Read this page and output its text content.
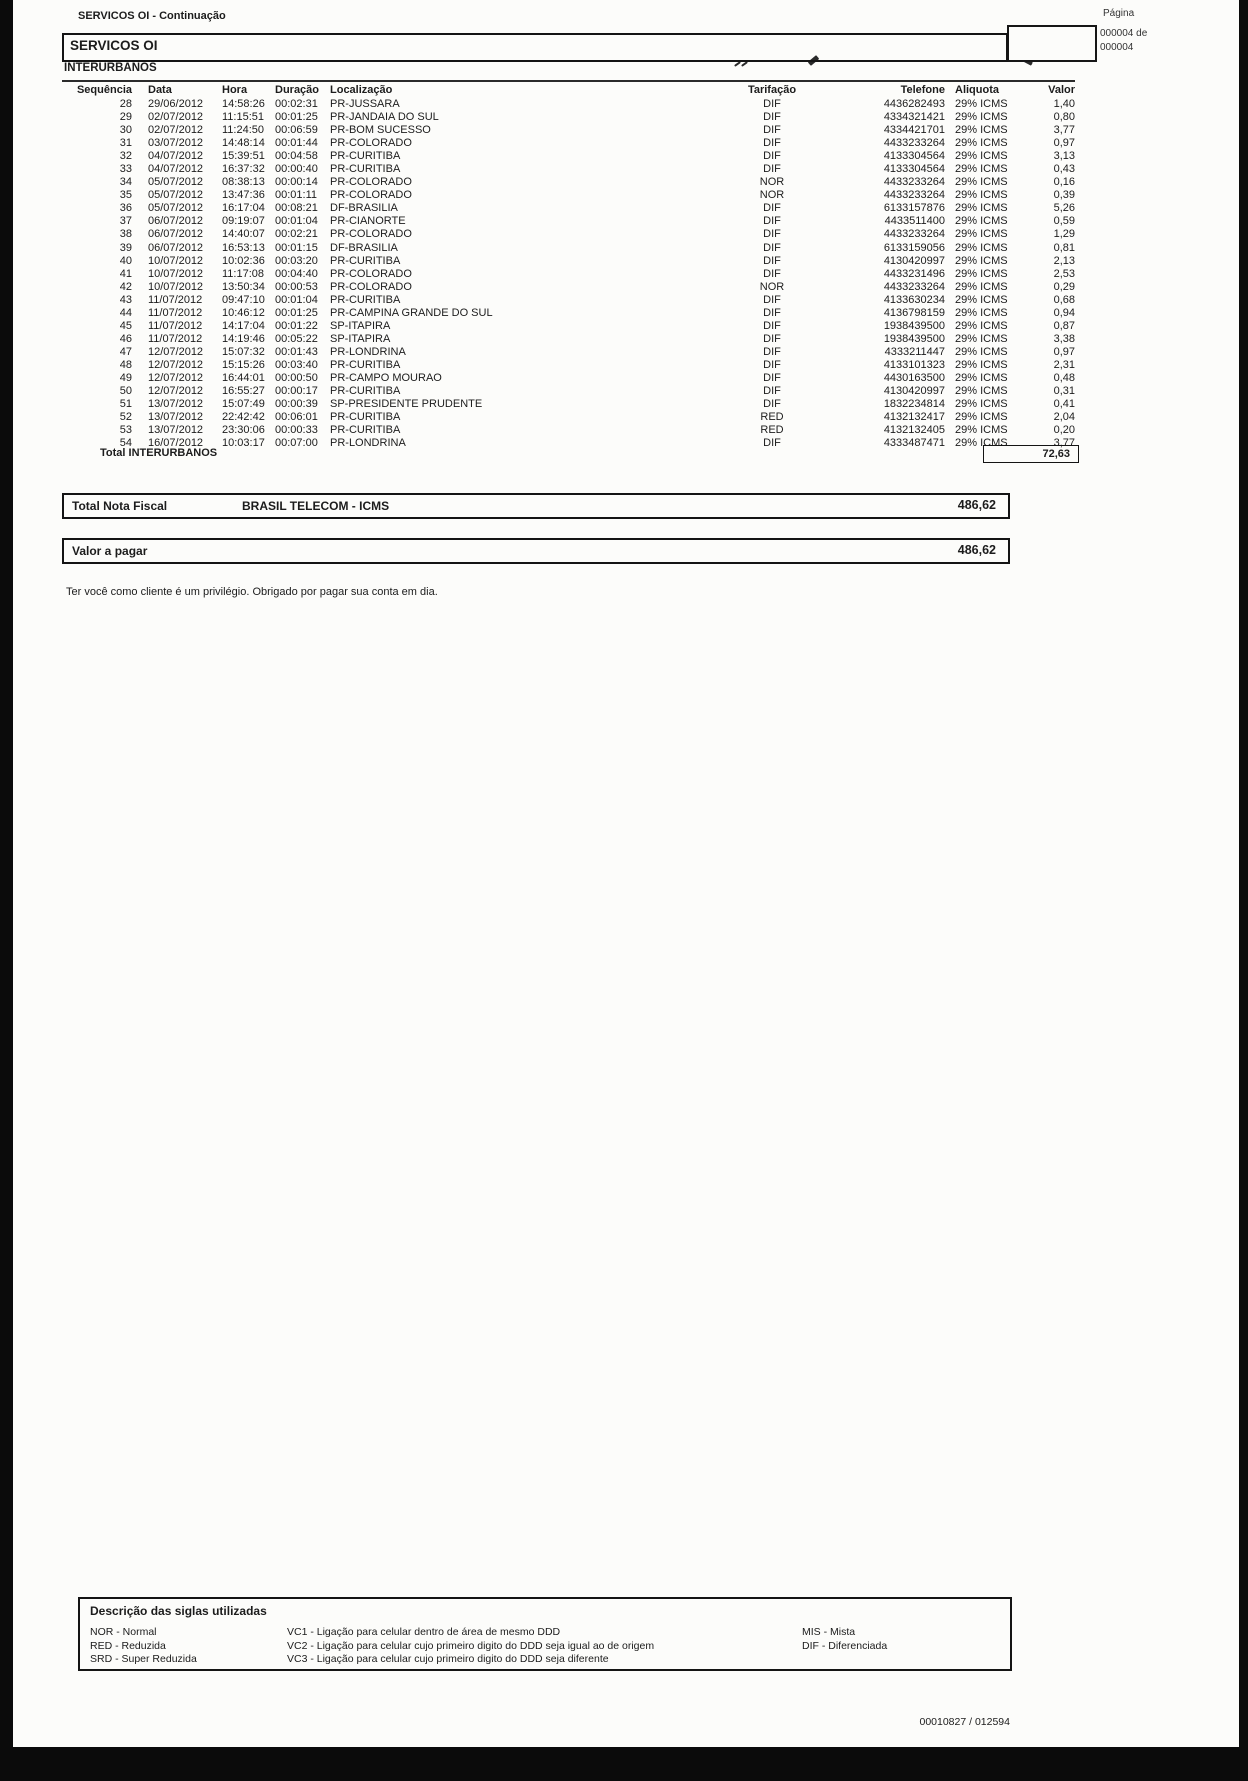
SERVICOS OI - Continuação	Página
000004 de
000004
SERVICOS OI
INTERURBANOS
Sequência Data	Hora	Duração Localização	Tarifação	Telefone Aliquota	Valor
28 29/06/2012 14:58:26 00:02:31 PR-JUSSARA	DIF	4436282493 29% ICMS	1,40
29 02/07/2012 11:15:51 00:01:25 PR-JANDAIA DO SUL	DIF	4334321421 29% ICMS	0,80
30 02/07/2012 11:24:50 00:06:59 PR-BOM SUCESSO	DIF	4334421701 29% ICMS	3,77
31 03/07/2012 14:48:14 00:01:44 PR-COLORADO	DIF	4433233264 29% ICMS	0,97
32 04/07/2012 15:39:51 00:04:58 PR-CURITIBA	DIF	4133304564 29% ICMS	3,13
33 04/07/2012 16:37:32 00:00:40 PR-CURITIBA	DIF	4133304564 29% ICMS	0,43
34 05/07/2012 08:38:13 00:00:14 PR-COLORADO	NOR	4433233264 29% ICMS	0,16
35 05/07/2012 13:47:36 00:01:11 PR-COLORADO	NOR	4433233264 29% ICMS	0,39
36 05/07/2012 16:17:04 00:08:21 DF-BRASILIA	DIF	6133157876 29% ICMS	5,26
37 06/07/2012 09:19:07 00:01:04 PR-CIANORTE	DIF	4433511400 29% ICMS	0,59
38 06/07/2012 14:40:07 00:02:21 PR-COLORADO	DIF	4433233264 29% ICMS	1,29
39 06/07/2012 16:53:13 00:01:15 DF-BRASILIA	DIF	6133159056 29% ICMS	0,81
40 10/07/2012 10:02:36 00:03:20 PR-CURITIBA	DIF	4130420997 29% ICMS	2,13
41 10/07/2012 11:17:08 00:04:40 PR-COLORADO	DIF	4433231496 29% ICMS	2,53
42 10/07/2012 13:50:34 00:00:53 PR-COLORADO	NOR	4433233264 29% ICMS	0,29
43 11/07/2012 09:47:10 00:01:04 PR-CURITIBA	DIF	4133630234 29% ICMS	0,68
44 11/07/2012 10:46:12 00:01:25 PR-CAMPINA GRANDE DO SUL	DIF	4136798159 29% ICMS	0,94
45 11/07/2012 14:17:04 00:01:22 SP-ITAPIRA	DIF	1938439500 29% ICMS	0,87
46 11/07/2012 14:19:46 00:05:22 SP-ITAPIRA	DIF	1938439500 29% ICMS	3,38
47 12/07/2012 15:07:32 00:01:43 PR-LONDRINA	DIF	4333211447 29% ICMS	0,97
48 12/07/2012 15:15:26 00:03:40 PR-CURITIBA	DIF	4133101323 29% ICMS	2,31
49 12/07/2012 16:44:01 00:00:50 PR-CAMPO MOURAO	DIF	4430163500 29% ICMS	0,48
50 12/07/2012 16:55:27 00:00:17 PR-CURITIBA	DIF	4130420997 29% ICMS	0,31
51 13/07/2012 15:07:49 00:00:39 SP-PRESIDENTE PRUDENTE	DIF	1832234814 29% ICMS	0,41
52 13/07/2012 22:42:42 00:06:01 PR-CURITIBA	RED	4132132417 29% ICMS	2,04
53 13/07/2012 23:30:06 00:00:33 PR-CURITIBA	RED	4132132405 29% ICMS	0,20
54 16/07/2012 10:03:17 00:07:00 PR-LONDRINA	DIF	4333487471 29% ICMS	3,77
Total INTERURBANOS	72,63
Total Nota Fiscal	BRASIL TELECOM - ICMS	486,62
Valor a pagar	486,62
Ter você como cliente é um privilégio. Obrigado por pagar sua conta em dia.
Descrição das siglas utilizadas
NOR - Normal
RED - Reduzida
SRD - Super Reduzida
VC1 - Ligação para celular dentro de área de mesmo DDD
VC2 - Ligação para celular cujo primeiro digito do DDD seja igual ao de origem
VC3 - Ligação para celular cujo primeiro digito do DDD seja diferente
MIS - Mista
DIF - Diferenciada
00010827 / 012594
